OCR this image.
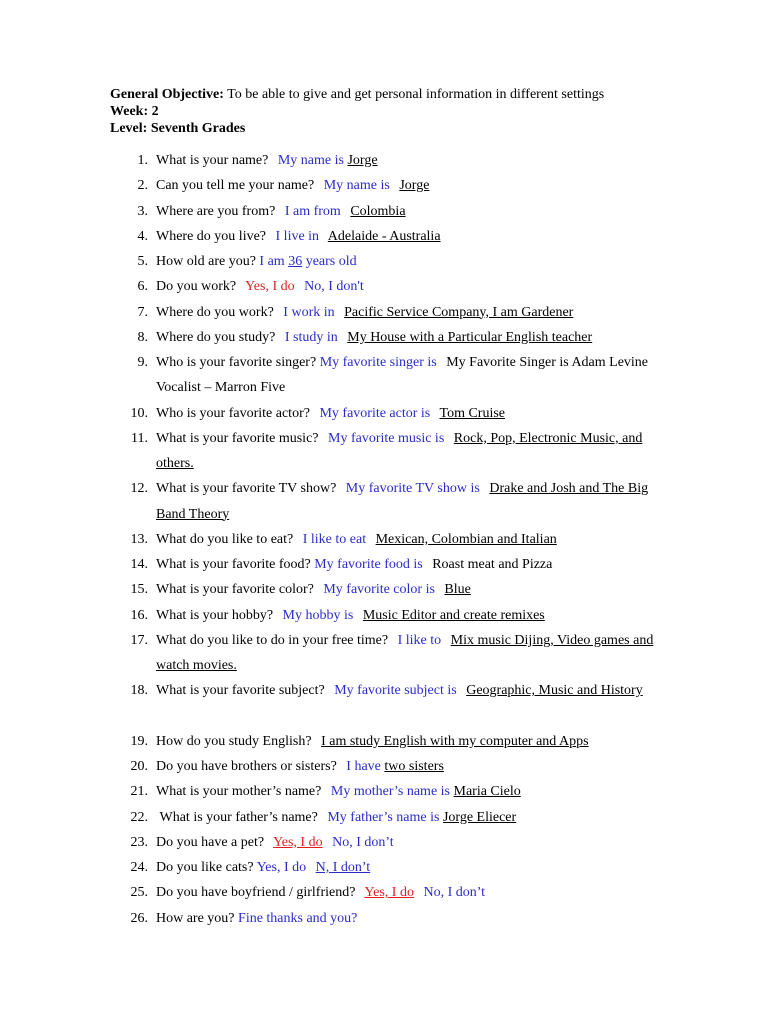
General Objective: To be able to give and get personal information in different settings
Week: 2
Level: Seventh Grades
1. What is your name? My name is Jorge
2. Can you tell me your name? My name is Jorge
3. Where are you from? I am from Colombia
4. Where do you live? I live in Adelaide - Australia
5. How old are you? I am 36 years old
6. Do you work? Yes, I do No, I don't
7. Where do you work? I work in Pacific Service Company, I am Gardener
8. Where do you study? I study in My House with a Particular English teacher
9. Who is your favorite singer? My favorite singer is My Favorite Singer is Adam Levine Vocalist – Marron Five
10. Who is your favorite actor? My favorite actor is Tom Cruise
11. What is your favorite music? My favorite music is Rock, Pop, Electronic Music, and others.
12. What is your favorite TV show? My favorite TV show is Drake and Josh and The Big Band Theory
13. What do you like to eat? I like to eat Mexican, Colombian and Italian
14. What is your favorite food? My favorite food is Roast meat and Pizza
15. What is your favorite color? My favorite color is Blue
16. What is your hobby? My hobby is Music Editor and create remixes
17. What do you like to do in your free time? I like to Mix music Dijing, Video games and watch movies.
18. What is your favorite subject? My favorite subject is Geographic, Music and History
19. How do you study English? I am study English with my computer and Apps
20. Do you have brothers or sisters? I have two sisters
21. What is your mother’s name? My mother’s name is Maria Cielo
22. What is your father’s name? My father’s name is Jorge Eliecer
23. Do you have a pet? Yes, I do No, I don’t
24. Do you like cats? Yes, I do N, I don’t
25. Do you have boyfriend / girlfriend? Yes, I do No, I don’t
26. How are you? Fine thanks and you?
